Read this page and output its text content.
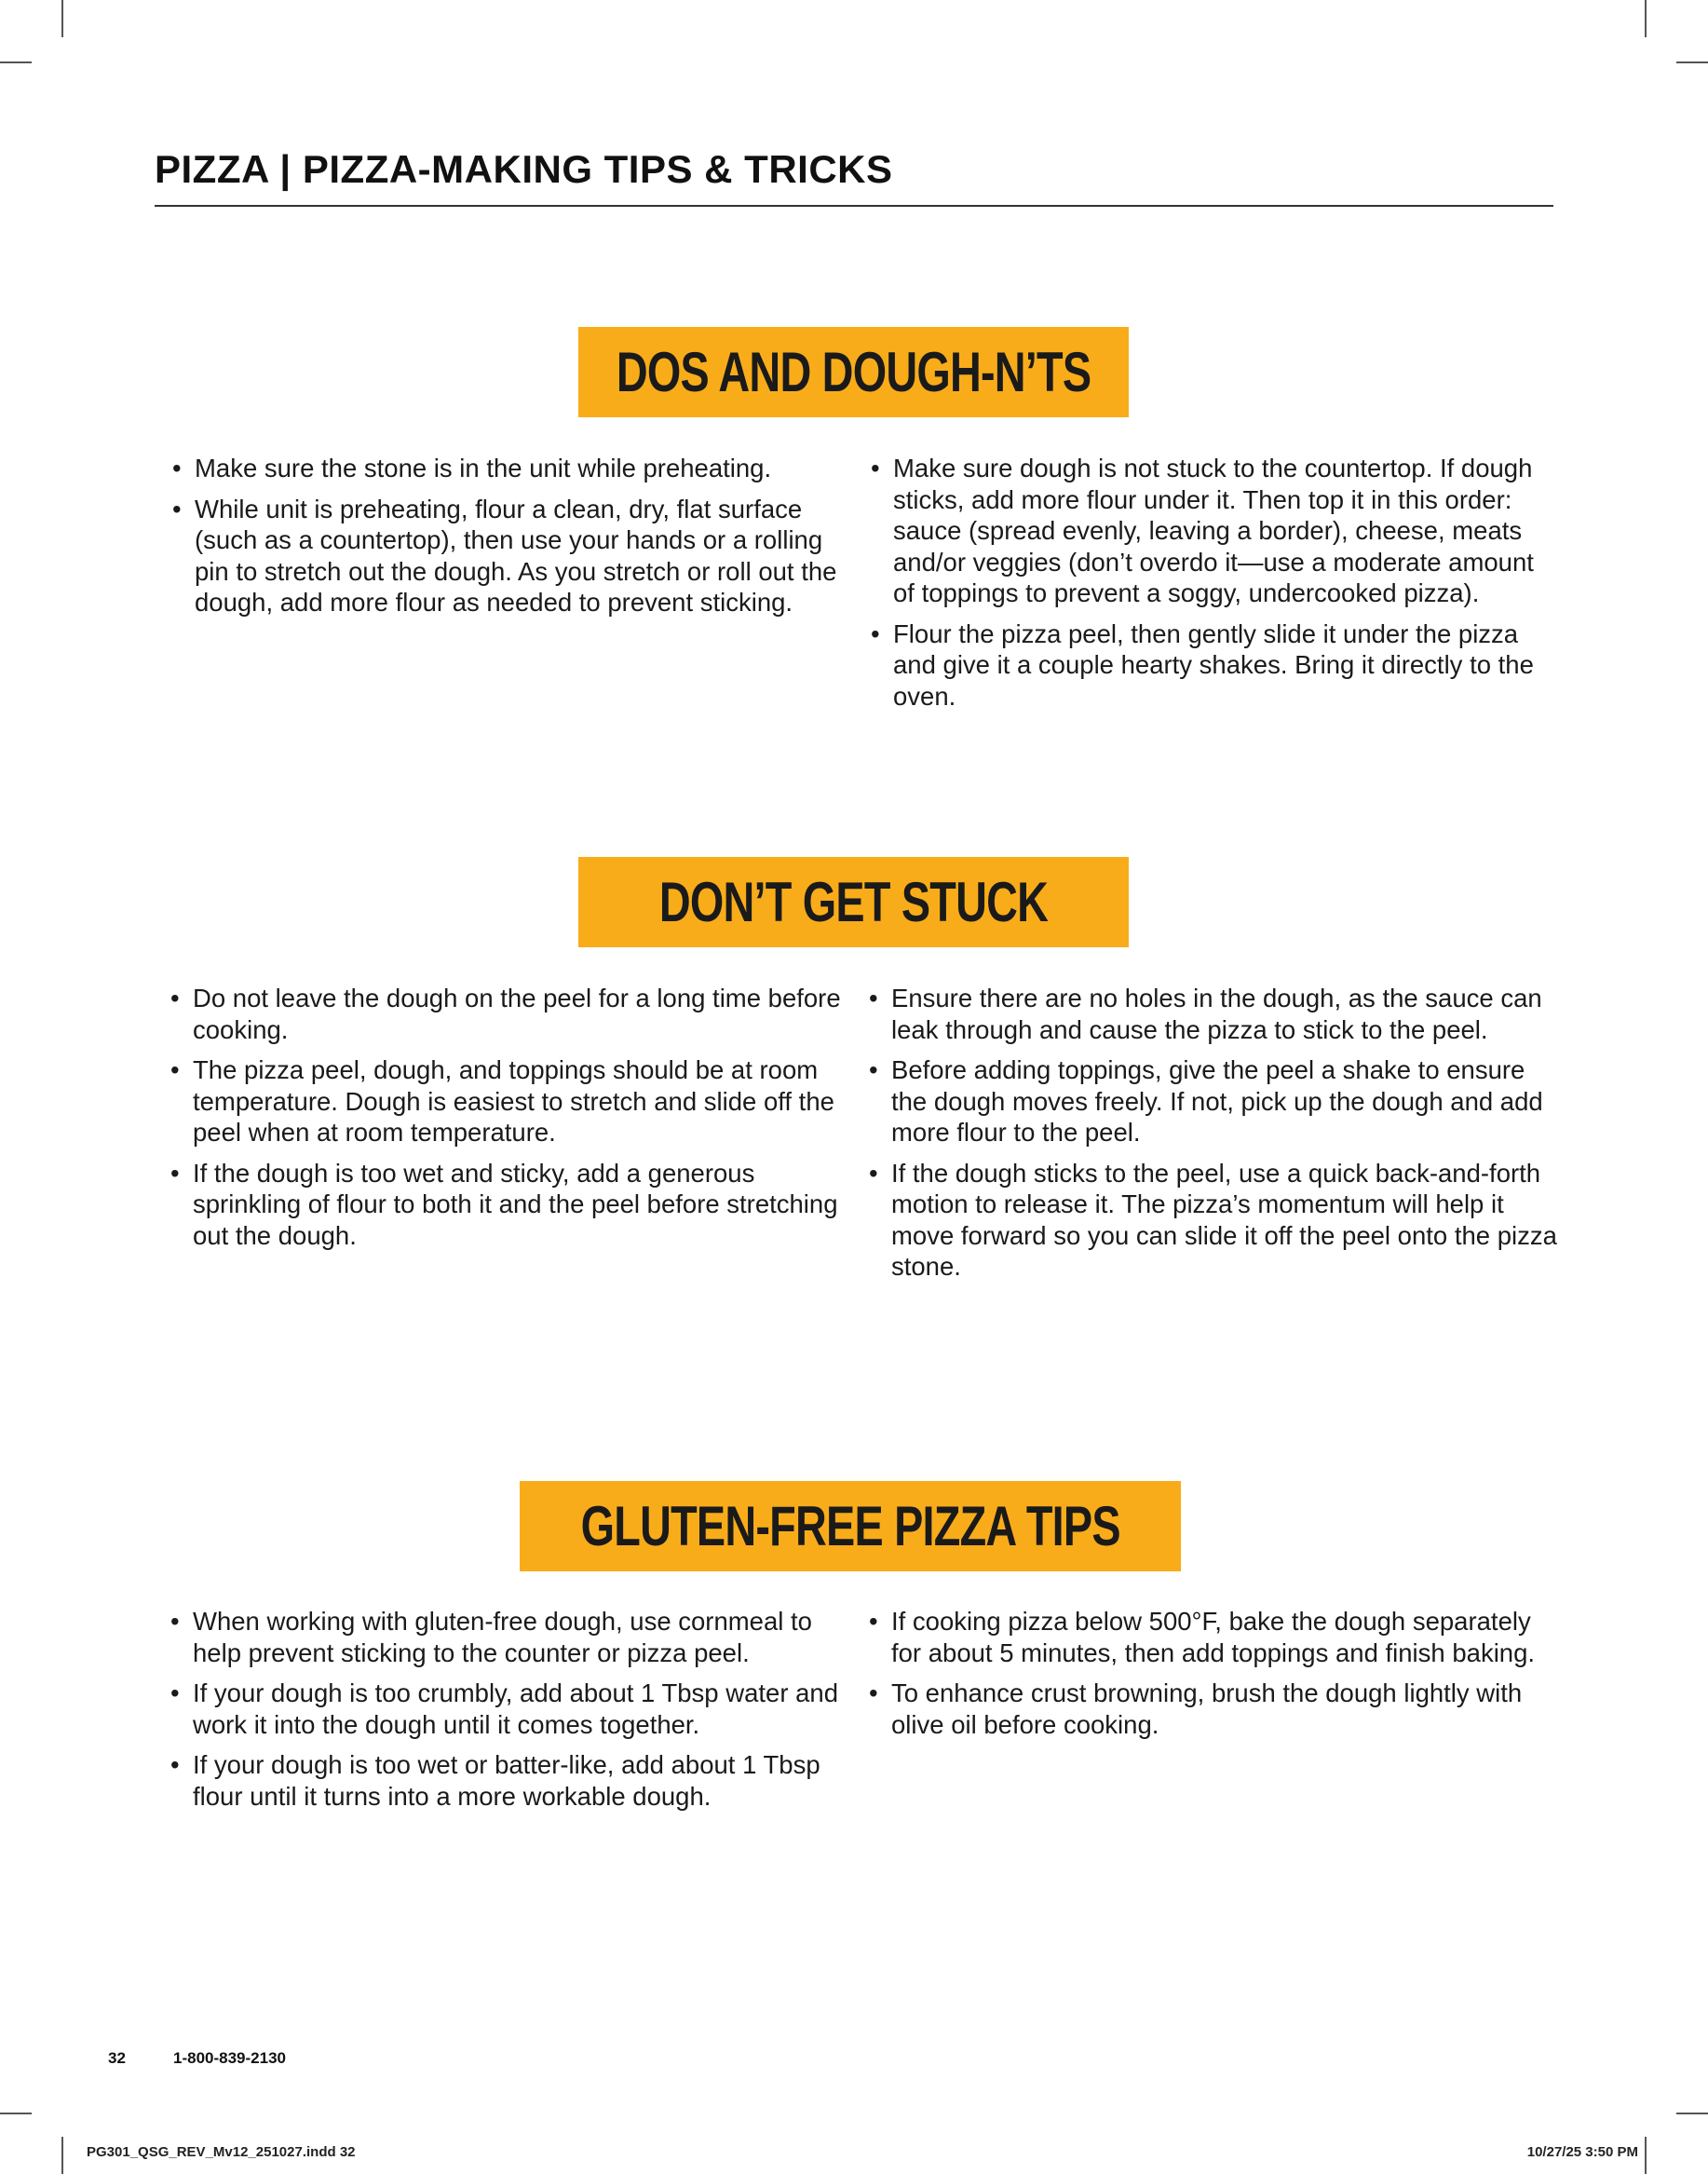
PIZZA | PIZZA-MAKING TIPS & TRICKS
DOS AND DOUGH-N’TS
• Make sure the stone is in the unit while preheating.
• While unit is preheating, flour a clean, dry, flat surface (such as a countertop), then use your hands or a rolling pin to stretch out the dough. As you stretch or roll out the dough, add more flour as needed to prevent sticking.
• Make sure dough is not stuck to the countertop. If dough sticks, add more flour under it. Then top it in this order: sauce (spread evenly, leaving a border), cheese, meats and/or veggies (don’t overdo it—use a moderate amount of toppings to prevent a soggy, undercooked pizza).
• Flour the pizza peel, then gently slide it under the pizza and give it a couple hearty shakes. Bring it directly to the oven.
DON’T GET STUCK
• Do not leave the dough on the peel for a long time before cooking.
• The pizza peel, dough, and toppings should be at room temperature. Dough is easiest to stretch and slide off the peel when at room temperature.
• If the dough is too wet and sticky, add a generous sprinkling of flour to both it and the peel before stretching out the dough.
• Ensure there are no holes in the dough, as the sauce can leak through and cause the pizza to stick to the peel.
• Before adding toppings, give the peel a shake to ensure the dough moves freely. If not, pick up the dough and add more flour to the peel.
• If the dough sticks to the peel, use a quick back-and-forth motion to release it. The pizza’s momentum will help it move forward so you can slide it off the peel onto the pizza stone.
GLUTEN-FREE PIZZA TIPS
• When working with gluten-free dough, use cornmeal to help prevent sticking to the counter or pizza peel.
• If your dough is too crumbly, add about 1 Tbsp water and work it into the dough until it comes together.
• If your dough is too wet or batter-like, add about 1 Tbsp flour until it turns into a more workable dough.
• If cooking pizza below 500°F, bake the dough separately for about 5 minutes, then add toppings and finish baking.
• To enhance crust browning, brush the dough lightly with olive oil before cooking.
32	1-800-839-2130
PG301_QSG_REV_Mv12_251027.indd 32	10/27/25 3:50 PM
